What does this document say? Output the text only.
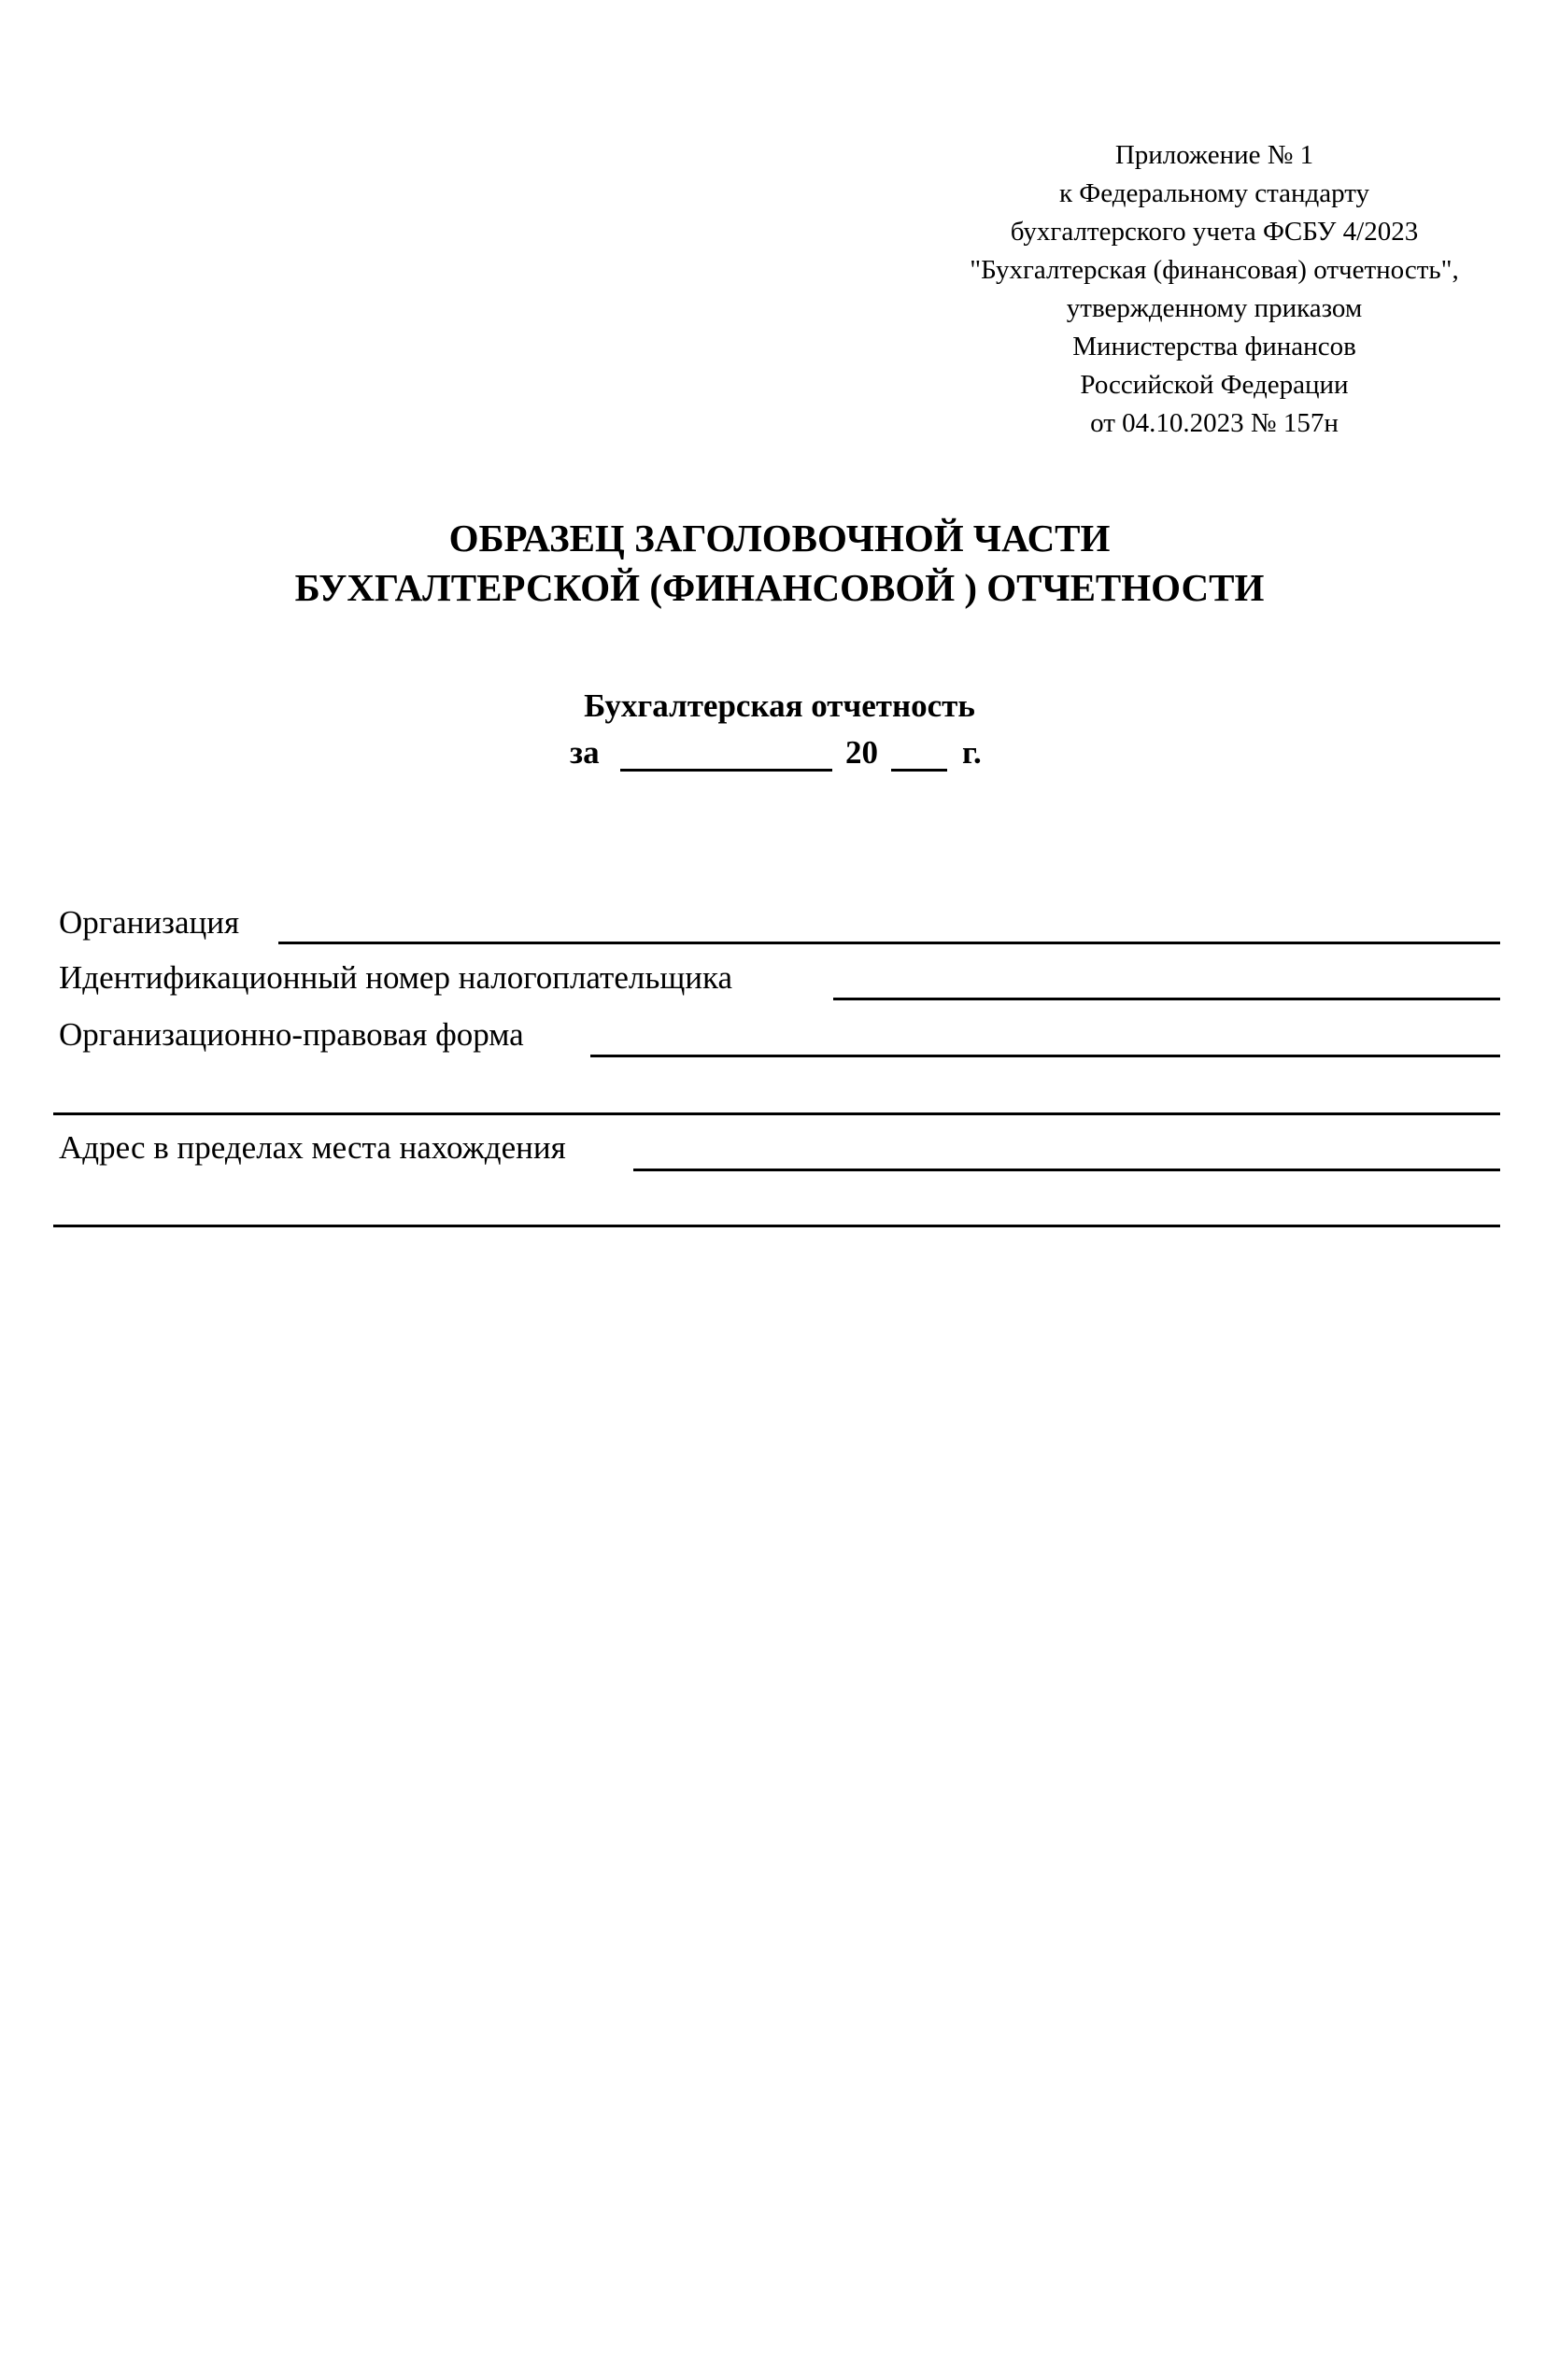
Приложение № 1
к Федеральному стандарту
бухгалтерского учета ФСБУ 4/2023
"Бухгалтерская (финансовая) отчетность",
утвержденному приказом
Министерства финансов
Российской Федерации
от 04.10.2023 № 157н
ОБРАЗЕЦ ЗАГОЛОВОЧНОЙ ЧАСТИ
БУХГАЛТЕРСКОЙ (ФИНАНСОВОЙ ) ОТЧЕТНОСТИ
Бухгалтерская отчетность
за	20	г.
Организация
Идентификационный номер налогоплательщика
Организационно-правовая форма
Адрес в пределах места нахождения
